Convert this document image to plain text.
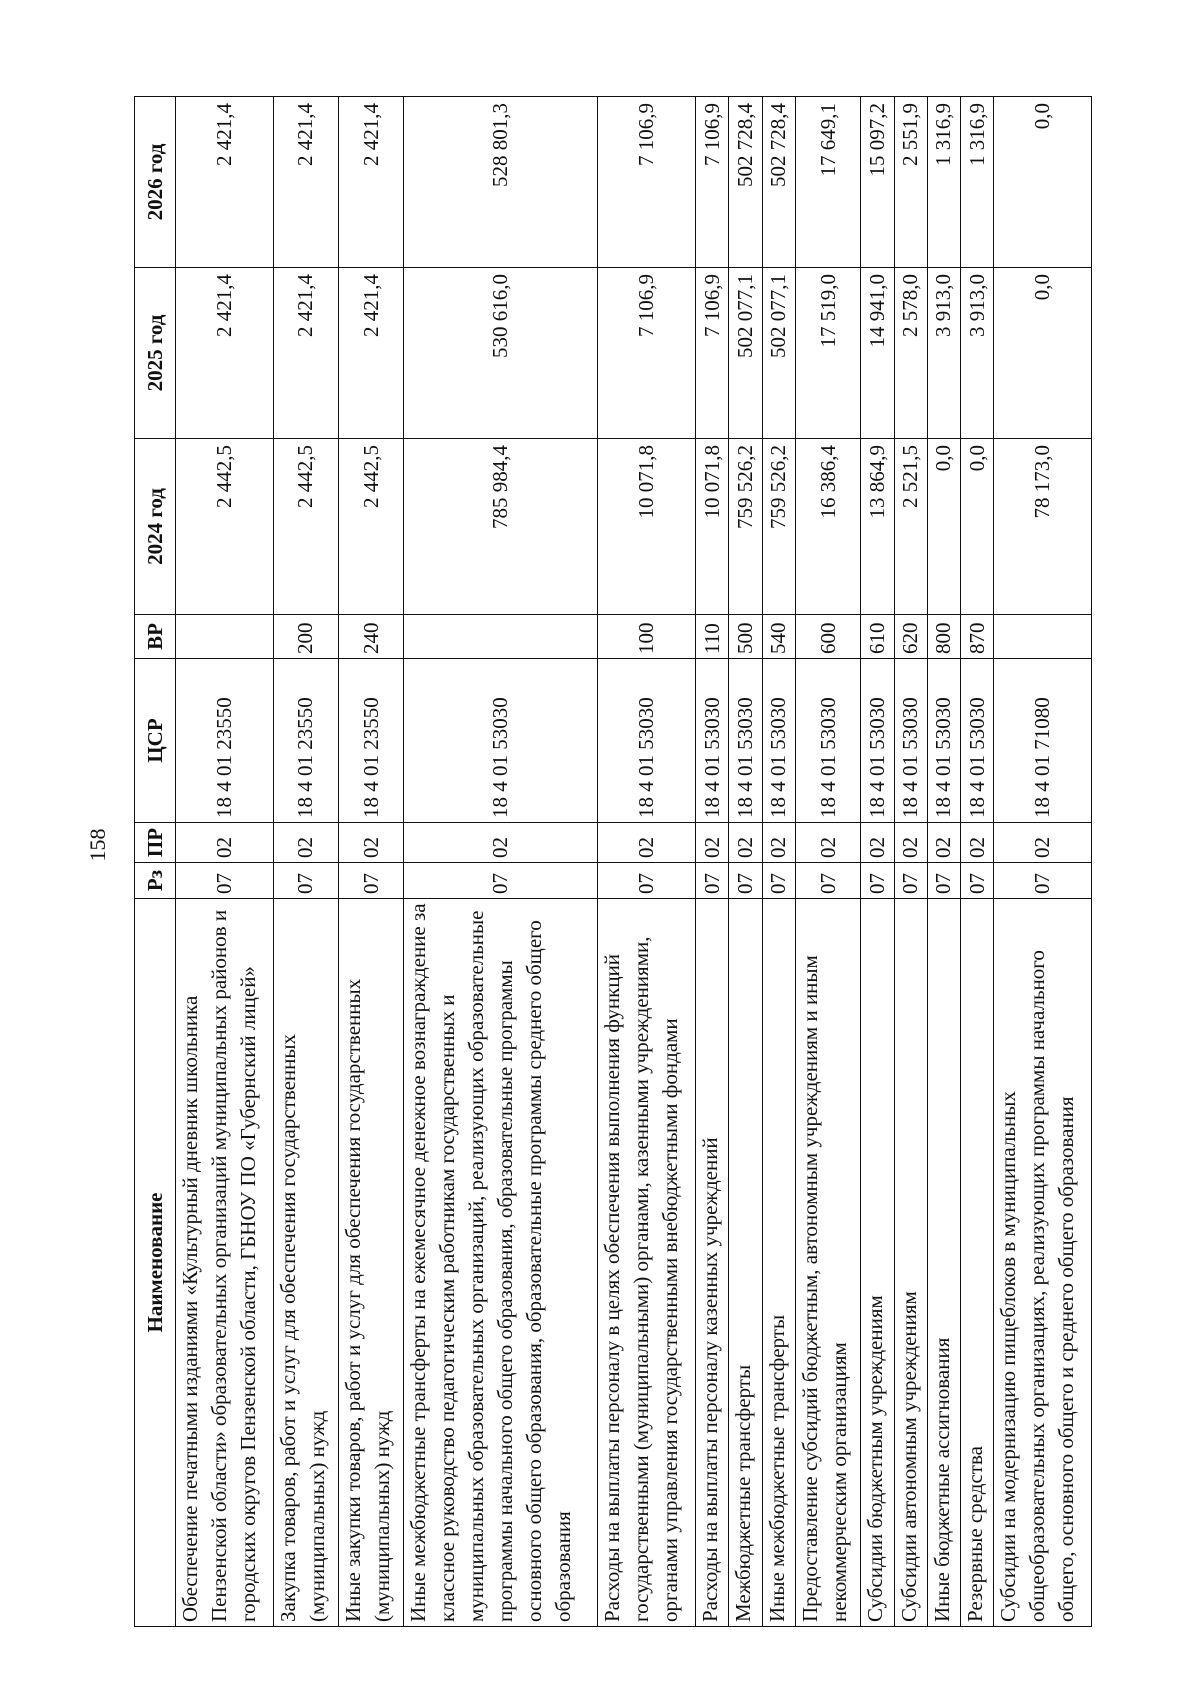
158
Наименование	Рз	ПР	ЦСР	ВР	2024 год	2025 год	2026 год
Обеспечение печатными изданиями «Культурный дневник школьника Пензенской области» образовательных организаций муниципальных районов и городских округов Пензенской области, ГБНОУ ПО «Губернский лицей»	07	02	18 4 01 23550		2 442,5	2 421,4	2 421,4
Закупка товаров, работ и услуг для обеспечения государственных (муниципальных) нужд	07	02	18 4 01 23550	200	2 442,5	2 421,4	2 421,4
Иные закупки товаров, работ и услуг для обеспечения государственных (муниципальных) нужд	07	02	18 4 01 23550	240	2 442,5	2 421,4	2 421,4
Иные межбюджетные трансферты на ежемесячное денежное вознаграждение за классное руководство педагогическим работникам государственных и муниципальных образовательных организаций, реализующих образовательные программы начального общего образования, образовательные программы основного общего образования, образовательные программы среднего общего образования	07	02	18 4 01 53030		785 984,4	530 616,0	528 801,3
Расходы на выплаты персоналу в целях обеспечения выполнения функций государственными (муниципальными) органами, казенными учреждениями, органами управления государственными внебюджетными фондами	07	02	18 4 01 53030	100	10 071,8	7 106,9	7 106,9
Расходы на выплаты персоналу казенных учреждений	07	02	18 4 01 53030	110	10 071,8	7 106,9	7 106,9
Межбюджетные трансферты	07	02	18 4 01 53030	500	759 526,2	502 077,1	502 728,4
Иные межбюджетные трансферты	07	02	18 4 01 53030	540	759 526,2	502 077,1	502 728,4
Предоставление субсидий бюджетным, автономным учреждениям и иным некоммерческим организациям	07	02	18 4 01 53030	600	16 386,4	17 519,0	17 649,1
Субсидии бюджетным учреждениям	07	02	18 4 01 53030	610	13 864,9	14 941,0	15 097,2
Субсидии автономным учреждениям	07	02	18 4 01 53030	620	2 521,5	2 578,0	2 551,9
Иные бюджетные ассигнования	07	02	18 4 01 53030	800	0,0	3 913,0	1 316,9
Резервные средства	07	02	18 4 01 53030	870	0,0	3 913,0	1 316,9
Субсидии на модернизацию пищеблоков в муниципальных общеобразовательных организациях, реализующих программы начального общего, основного общего и среднего общего образования	07	02	18 4 01 71080		78 173,0	0,0	0,0
